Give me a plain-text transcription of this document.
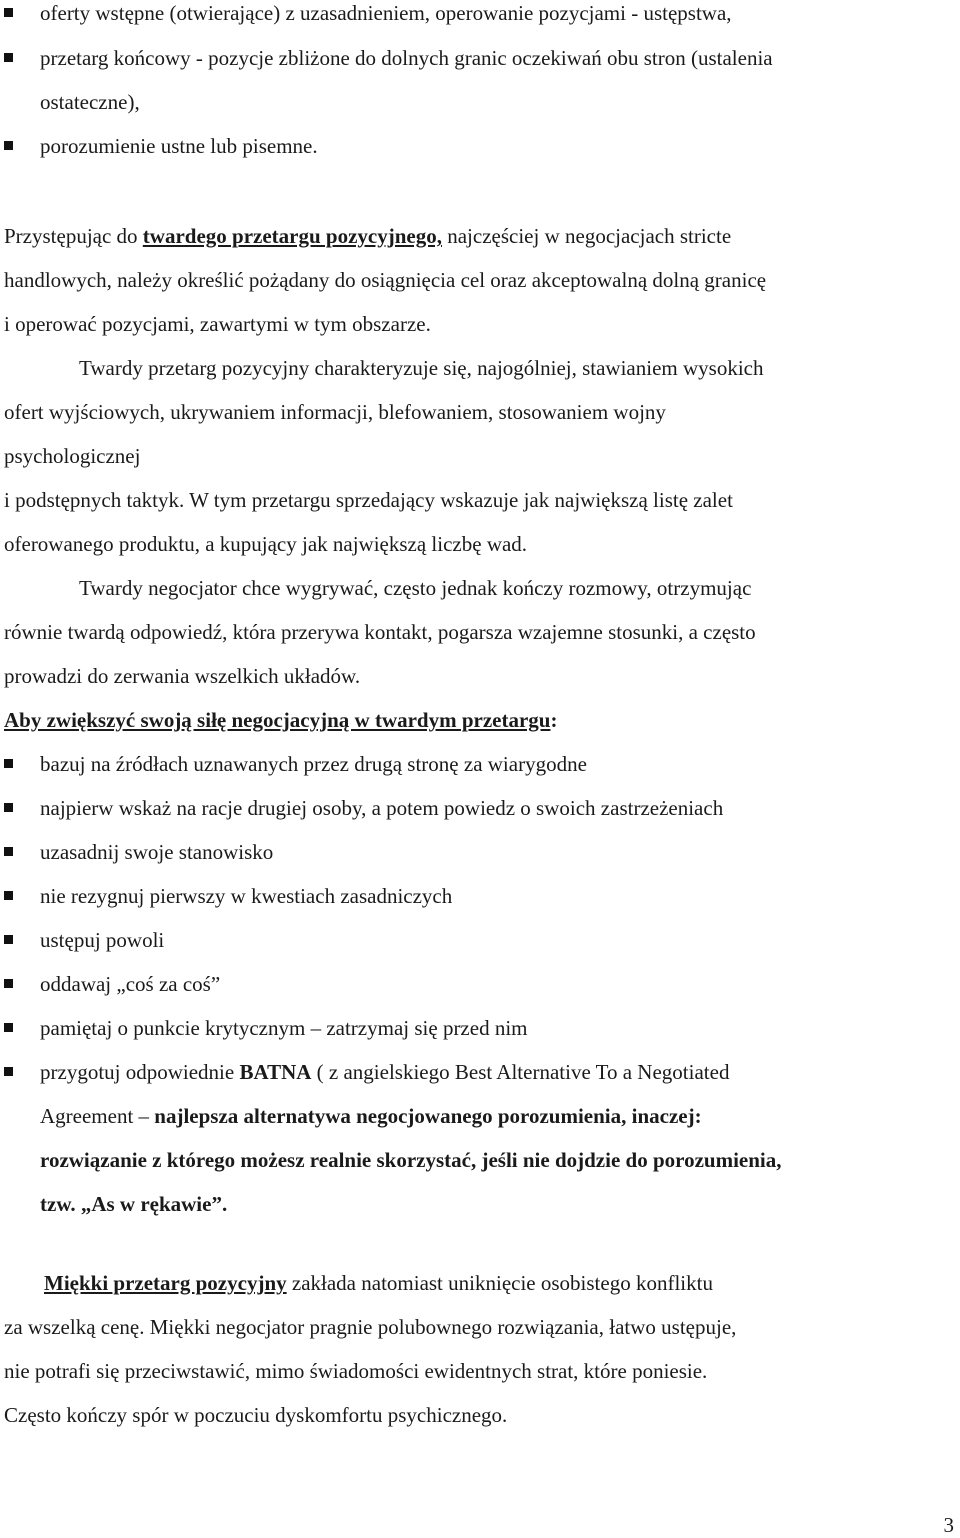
oferty wstępne (otwierające) z uzasadnieniem, operowanie pozycjami - ustępstwa,
przetarg końcowy - pozycje zbliżone do dolnych granic oczekiwań obu stron (ustalenia
ostateczne),
porozumienie ustne lub pisemne.
Przystępując do twardego przetargu pozycyjnego, najczęściej w negocjacjach stricte
handlowych, należy określić pożądany do osiągnięcia cel oraz akceptowalną dolną granicę
i operować pozycjami, zawartymi w tym obszarze.
Twardy przetarg pozycyjny charakteryzuje się, najogólniej, stawianiem wysokich
ofert wyjściowych, ukrywaniem informacji, blefowaniem, stosowaniem wojny
psychologicznej
i podstępnych taktyk. W tym przetargu sprzedający wskazuje jak największą listę zalet
oferowanego produktu, a kupujący jak największą liczbę wad.
Twardy negocjator chce wygrywać, często jednak kończy rozmowy, otrzymując
równie twardą odpowiedź, która przerywa kontakt, pogarsza wzajemne stosunki, a często
prowadzi do zerwania wszelkich układów.
Aby zwiększyć swoją siłę negocjacyjną w twardym przetargu:
bazuj na źródłach uznawanych przez drugą stronę za wiarygodne
najpierw wskaż na racje drugiej osoby, a potem powiedz o swoich zastrzeżeniach
uzasadnij swoje stanowisko
nie rezygnuj pierwszy w kwestiach zasadniczych
ustępuj powoli
oddawaj „coś za coś”
pamiętaj o punkcie krytycznym – zatrzymaj się przed nim
przygotuj odpowiednie BATNA ( z angielskiego Best Alternative To a Negotiated
Agreement – najlepsza alternatywa negocjowanego porozumienia, inaczej:
rozwiązanie z którego możesz realnie skorzystać, jeśli nie dojdzie do porozumienia,
tzw. „As w rękawie”.
Miękki przetarg pozycyjny zakłada natomiast uniknięcie osobistego konfliktu
za wszelką cenę. Miękki negocjator pragnie polubownego rozwiązania, łatwo ustępuje,
nie potrafi się przeciwstawić, mimo świadomości ewidentnych strat, które poniesie.
Często kończy spór w poczuciu dyskomfortu psychicznego.
3
